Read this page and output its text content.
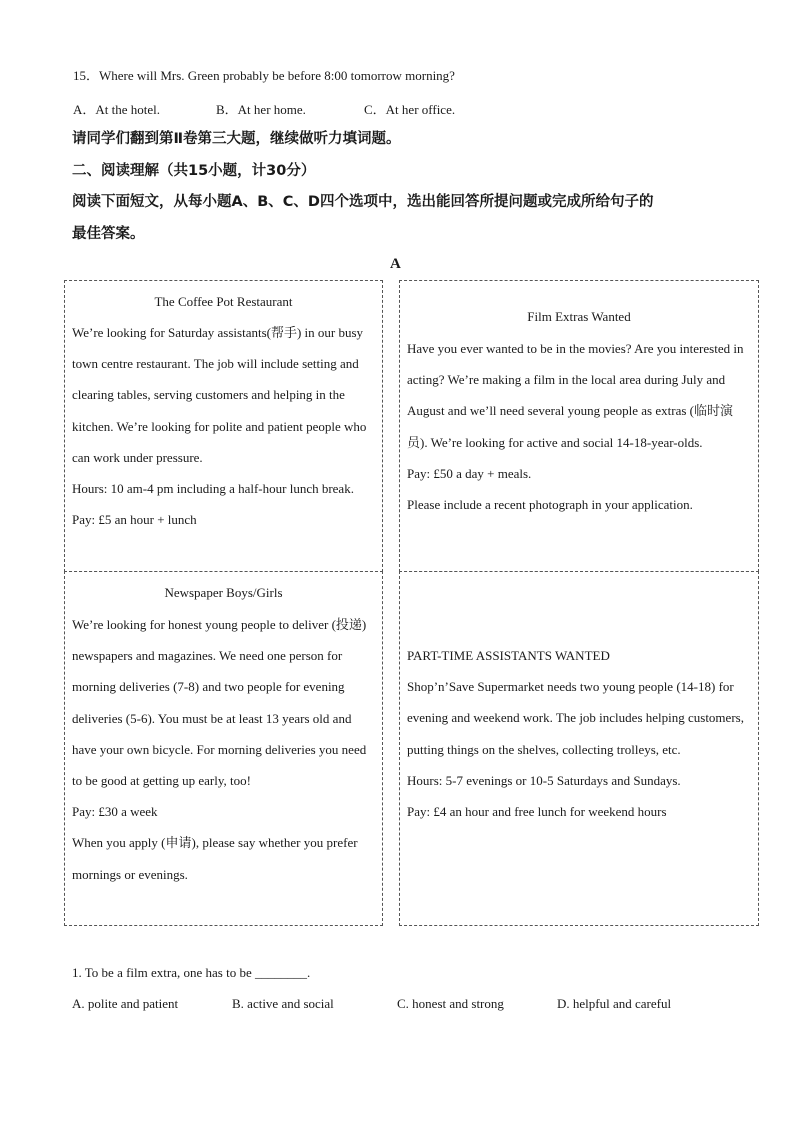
15．Where will Mrs. Green probably be before 8:00 tomorrow morning?
A．At the hotel.	B．At her home.	C．At her office.
请同学们翻到第Ⅱ卷第三大题，继续做听力填词题。
二、阅读理解（共15小题，计30分）
阅读下面短文，从每小题A、B、C、D四个选项中，选出能回答所提问题或完成所给句子的
最佳答案。
A
The Coffee Pot Restaurant
We’re looking for Saturday assistants(帮手) in our busy town centre restaurant. The job will include setting and clearing tables, serving customers and helping in the kitchen. We’re looking for polite and patient people who can work under pressure.
Hours: 10 am-4 pm including a half-hour lunch break.
Pay: £5 an hour + lunch
Film Extras Wanted
Have you ever wanted to be in the movies? Are you interested in acting? We’re making a film in the local area during July and August and we’ll need several young people as extras (临时演员). We’re looking for active and social 14-18-year-olds.
Pay: £50 a day + meals.
Please include a recent photograph in your application.
Newspaper Boys/Girls
We’re looking for honest young people to deliver (投递) newspapers and magazines. We need one person for morning deliveries (7-8) and two people for evening deliveries (5-6). You must be at least 13 years old and have your own bicycle. For morning deliveries you need to be good at getting up early, too!
Pay: £30 a week
When you apply (申请), please say whether you prefer mornings or evenings.
PART-TIME ASSISTANTS WANTED
Shop’n’Save Supermarket needs two young people (14-18) for evening and weekend work. The job includes helping customers, putting things on the shelves, collecting trolleys, etc.
Hours: 5-7 evenings or 10-5 Saturdays and Sundays.
Pay: £4 an hour and free lunch for weekend hours
1. To be a film extra, one has to be ________.
A. polite and patient	B. active and social	C. honest and strong	D. helpful and careful
